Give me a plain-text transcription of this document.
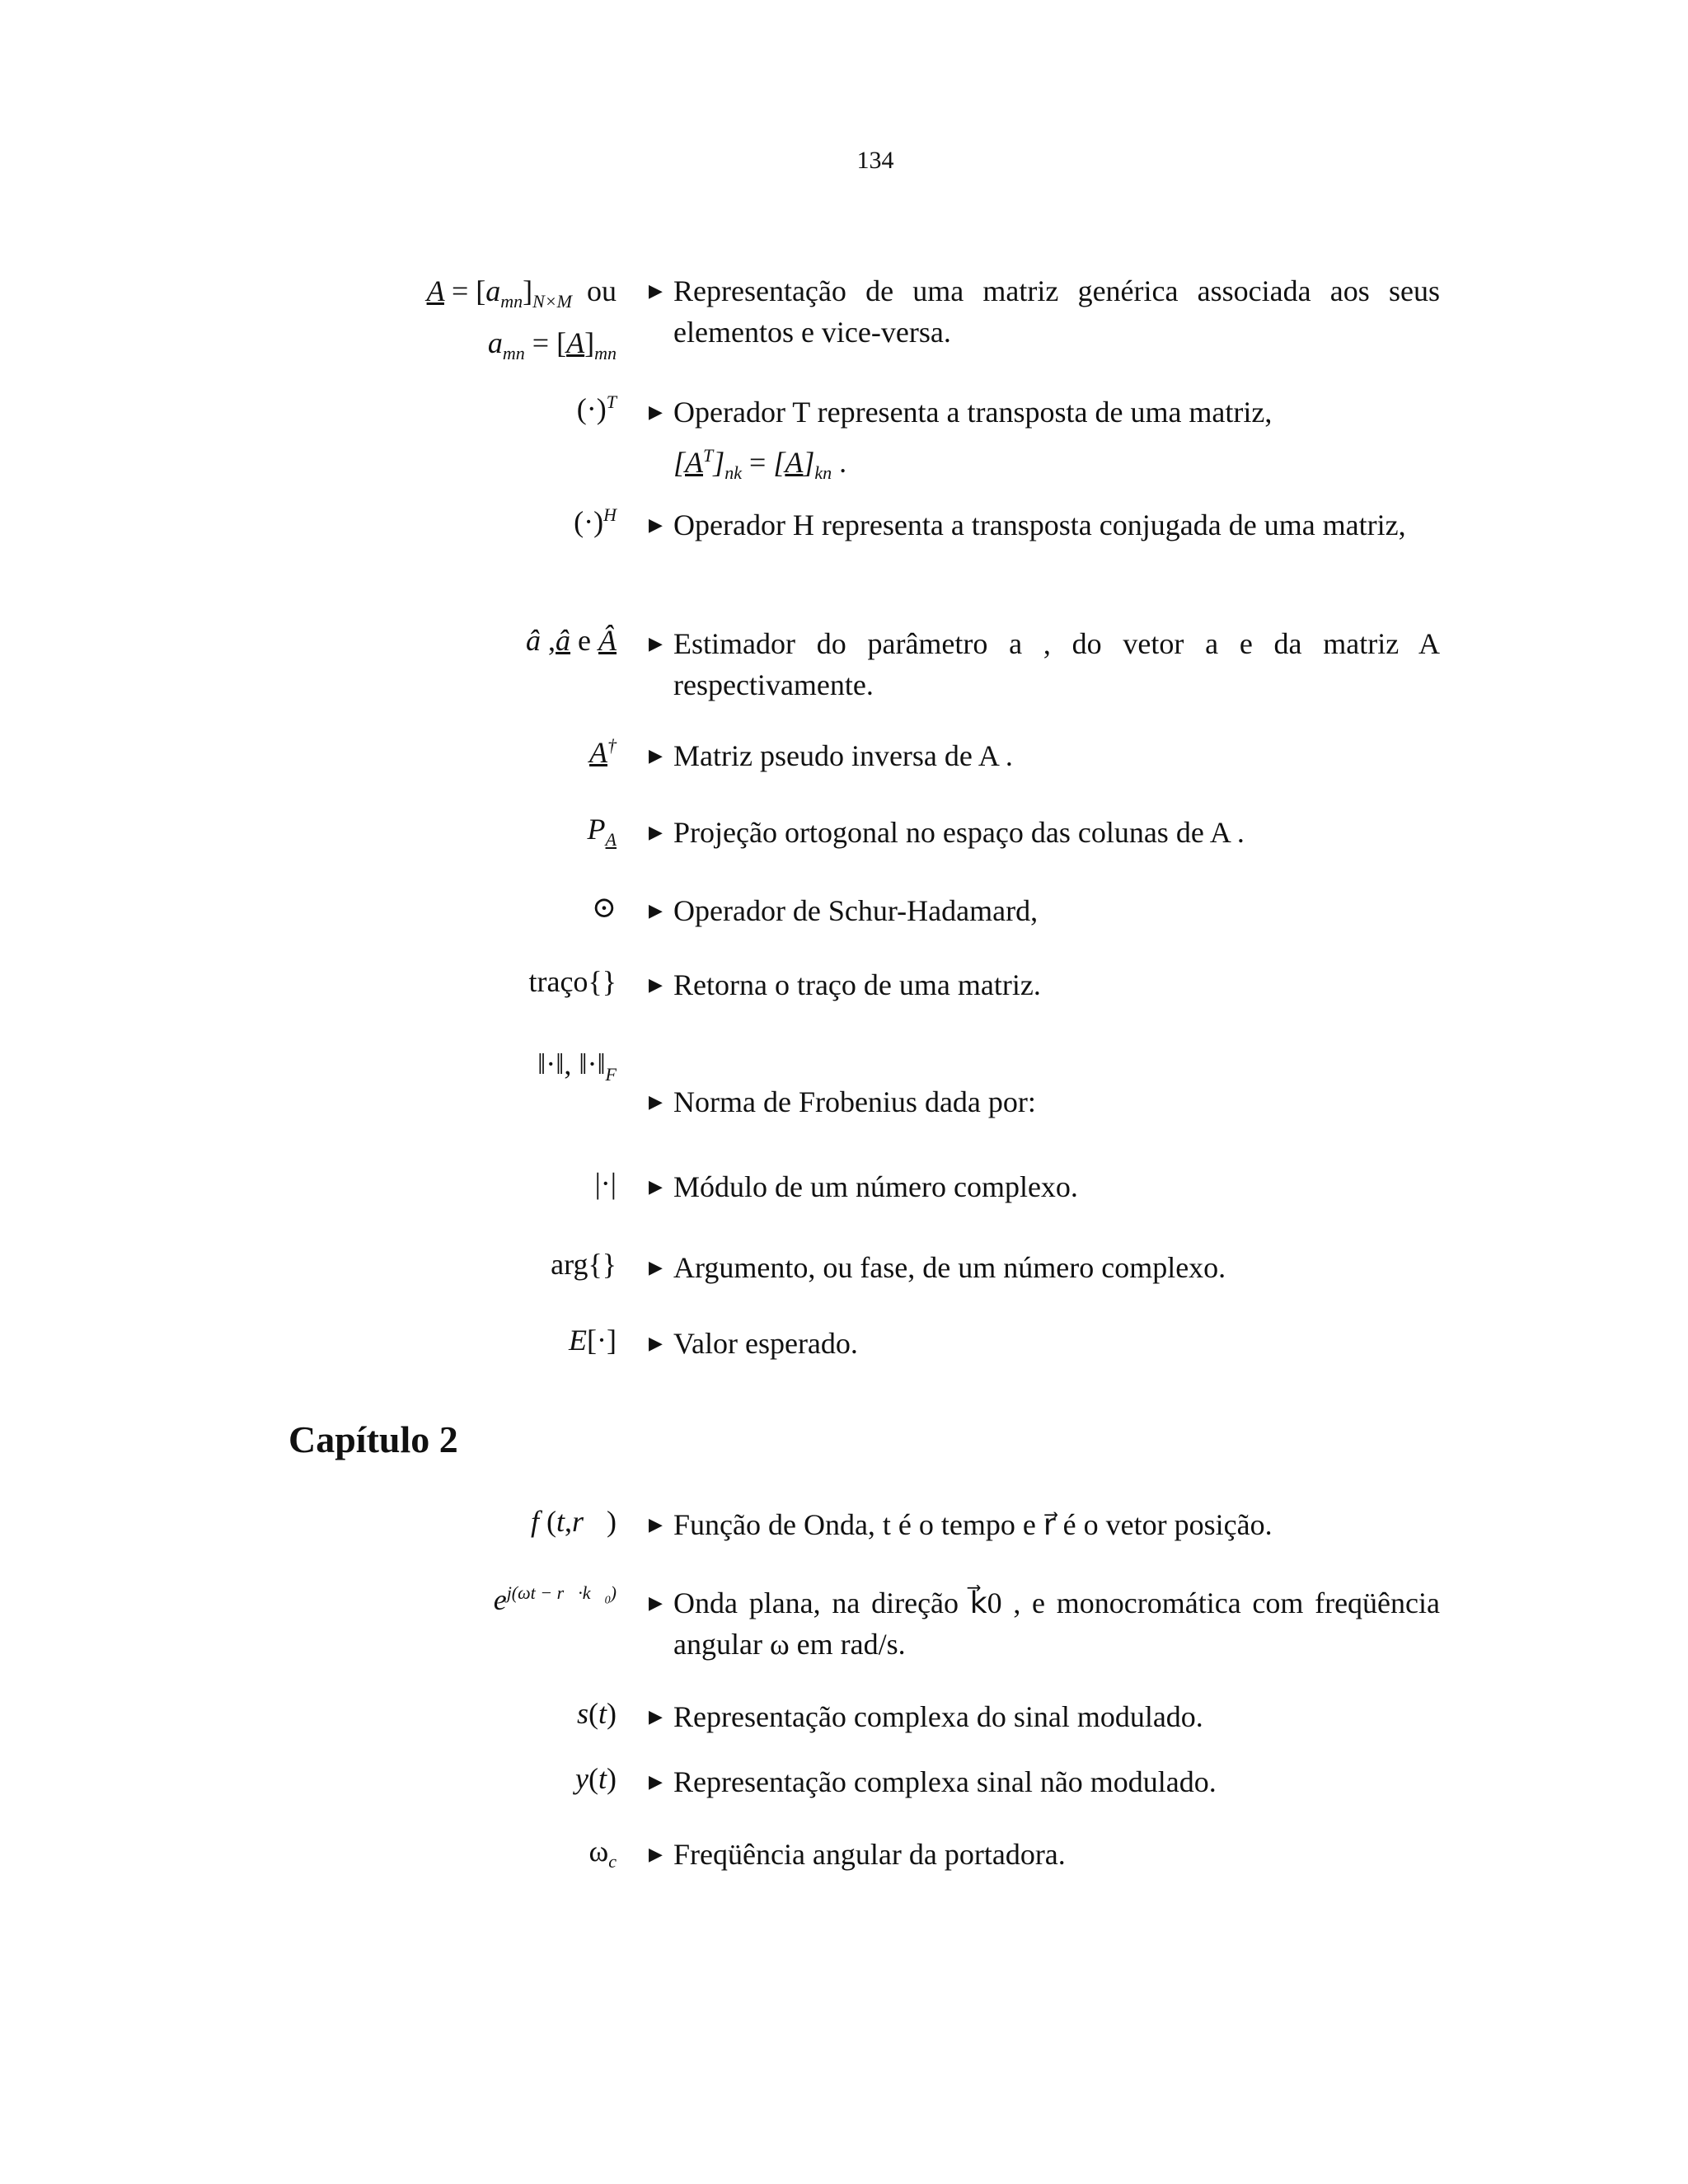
134
$A = [a_{mn}]_{N\times M}$  ou
$a_{mn} = [A]_{mn}$
▶ Representação de uma matriz genérica associada aos seus elementos e vice-versa.
$(\cdot)^T$ ▶ Operador T representa a transposta de uma matriz,
$[A^T]_{nk} = [A]_{kn}$ .
$(\cdot)^H$ ▶ Operador H representa a transposta conjugada de uma matriz,
â ,â e Â ▶ Estimador do parâmetro a , do vetor a e da matriz A respectivamente.
A† ▶ Matriz pseudo inversa de A .
$P_A$ ▶ Projeção ortogonal no espaço das colunas de A .
⊙ ▶ Operador de Schur-Hadamard,
traço{} ▶ Retorna o traço de uma matriz.
‖·‖, $‖\cdot‖_F$
▶ Norma de Frobenius dada por:
|·| ▶ Módulo de um número complexo.
arg{} ▶ Argumento, ou fase, de um número complexo.
E[·] ▶ Valor esperado.
Capítulo 2
f (t,r⃗) ▶ Função de Onda, t é o tempo e r⃗ é o vetor posição.
$e^{j(\omega t - r⃗\cdot k⃗_0)}$ ▶ Onda plana, na direção k⃗0 , e monocromática com freqüência angular ω em rad/s.
s(t) ▶ Representação complexa do sinal modulado.
y(t) ▶ Representação complexa sinal não modulado.
$\omega_c$ ▶ Freqüência angular da portadora.
